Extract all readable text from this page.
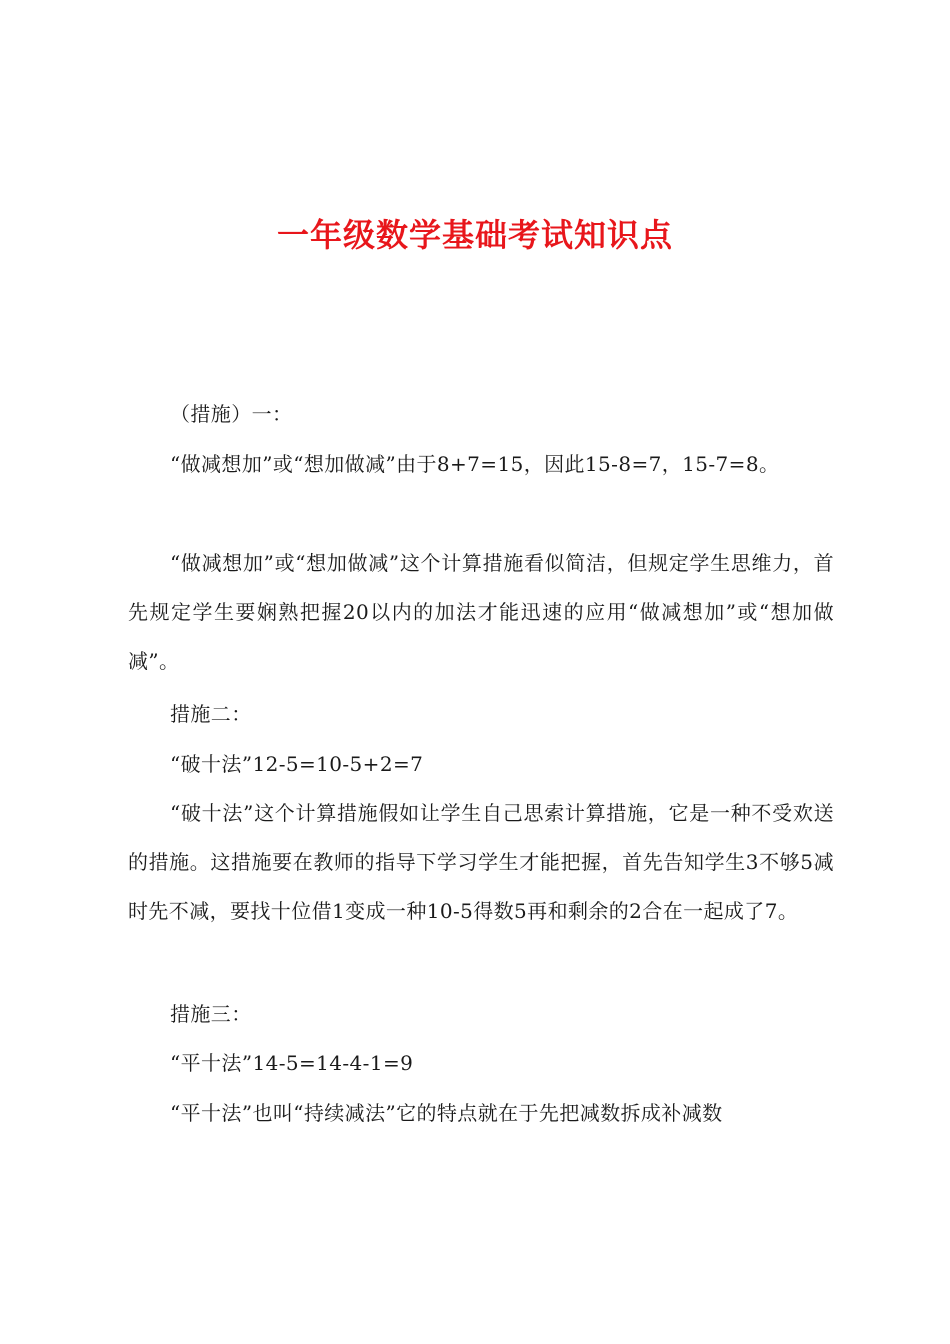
一年级数学基础考试知识点

（措施）一：

“做减想加”或“想加做减”由于8+7=15，因此15-8=7，15-7=8。

“做减想加”或“想加做减”这个计算措施看似简洁，但规定学生思维力，首先规定学生要娴熟把握20以内的加法才能迅速的应用“做减想加”或“想加做减”。

措施二：

“破十法”12-5=10-5+2=7

“破十法”这个计算措施假如让学生自己思索计算措施，它是一种不受欢送的措施。这措施要在教师的指导下学习学生才能把握，首先告知学生3不够5减时先不减，要找十位借1变成一种10-5得数5再和剩余的2合在一起成了7。

措施三：

“平十法”14-5=14-4-1=9

“平十法”也叫“持续减法”它的特点就在于先把减数拆成补减数
